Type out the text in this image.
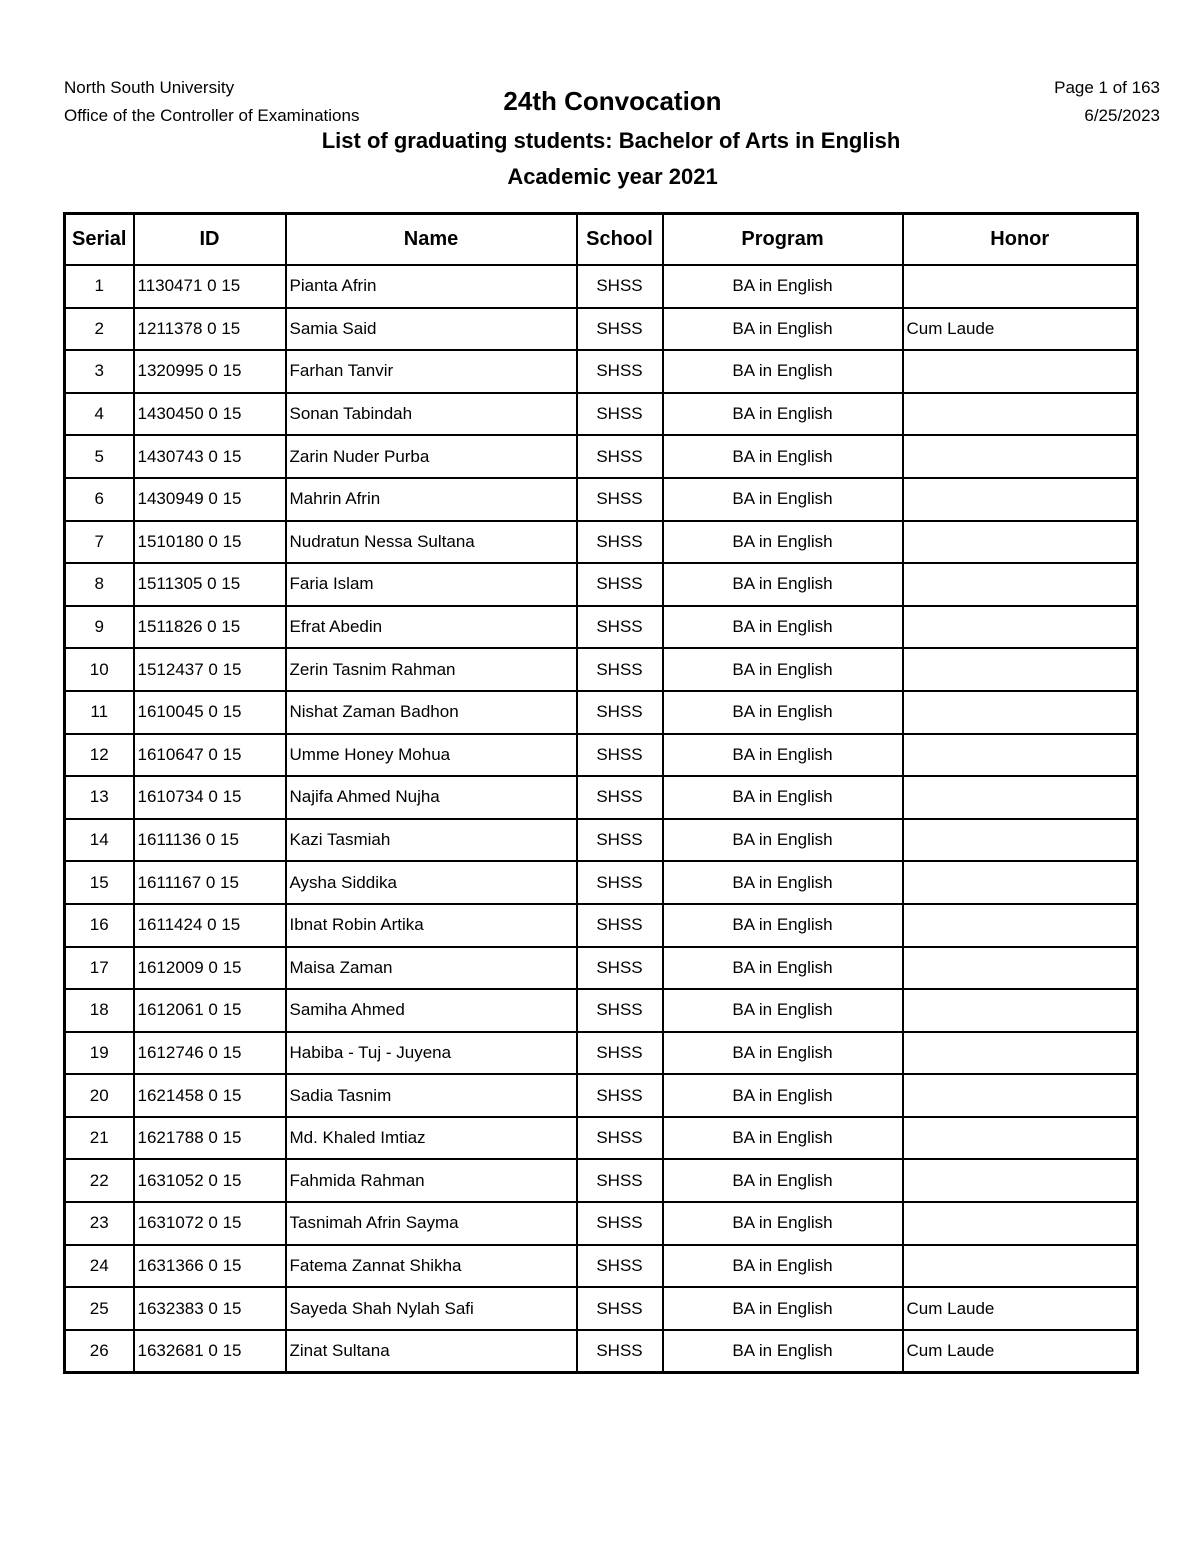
North South University
Office of the Controller of Examinations
Page 1 of 163
6/25/2023
24th Convocation
List of graduating students: Bachelor of Arts in English
Academic year 2021
Serial	ID	Name	School	Program	Honor
1	1130471 0 15	Pianta Afrin	SHSS	BA in English	
2	1211378 0 15	Samia Said	SHSS	BA in English	Cum Laude
3	1320995 0 15	Farhan Tanvir	SHSS	BA in English	
4	1430450 0 15	Sonan Tabindah	SHSS	BA in English	
5	1430743 0 15	Zarin Nuder Purba	SHSS	BA in English	
6	1430949 0 15	Mahrin Afrin	SHSS	BA in English	
7	1510180 0 15	Nudratun Nessa Sultana	SHSS	BA in English	
8	1511305 0 15	Faria Islam	SHSS	BA in English	
9	1511826 0 15	Efrat Abedin	SHSS	BA in English	
10	1512437 0 15	Zerin Tasnim Rahman	SHSS	BA in English	
11	1610045 0 15	Nishat Zaman Badhon	SHSS	BA in English	
12	1610647 0 15	Umme Honey Mohua	SHSS	BA in English	
13	1610734 0 15	Najifa Ahmed Nujha	SHSS	BA in English	
14	1611136 0 15	Kazi Tasmiah	SHSS	BA in English	
15	1611167 0 15	Aysha Siddika	SHSS	BA in English	
16	1611424 0 15	Ibnat Robin Artika	SHSS	BA in English	
17	1612009 0 15	Maisa Zaman	SHSS	BA in English	
18	1612061 0 15	Samiha Ahmed	SHSS	BA in English	
19	1612746 0 15	Habiba - Tuj - Juyena	SHSS	BA in English	
20	1621458 0 15	Sadia Tasnim	SHSS	BA in English	
21	1621788 0 15	Md. Khaled Imtiaz	SHSS	BA in English	
22	1631052 0 15	Fahmida Rahman	SHSS	BA in English	
23	1631072 0 15	Tasnimah Afrin Sayma	SHSS	BA in English	
24	1631366 0 15	Fatema Zannat Shikha	SHSS	BA in English	
25	1632383 0 15	Sayeda Shah Nylah Safi	SHSS	BA in English	Cum Laude
26	1632681 0 15	Zinat Sultana	SHSS	BA in English	Cum Laude
